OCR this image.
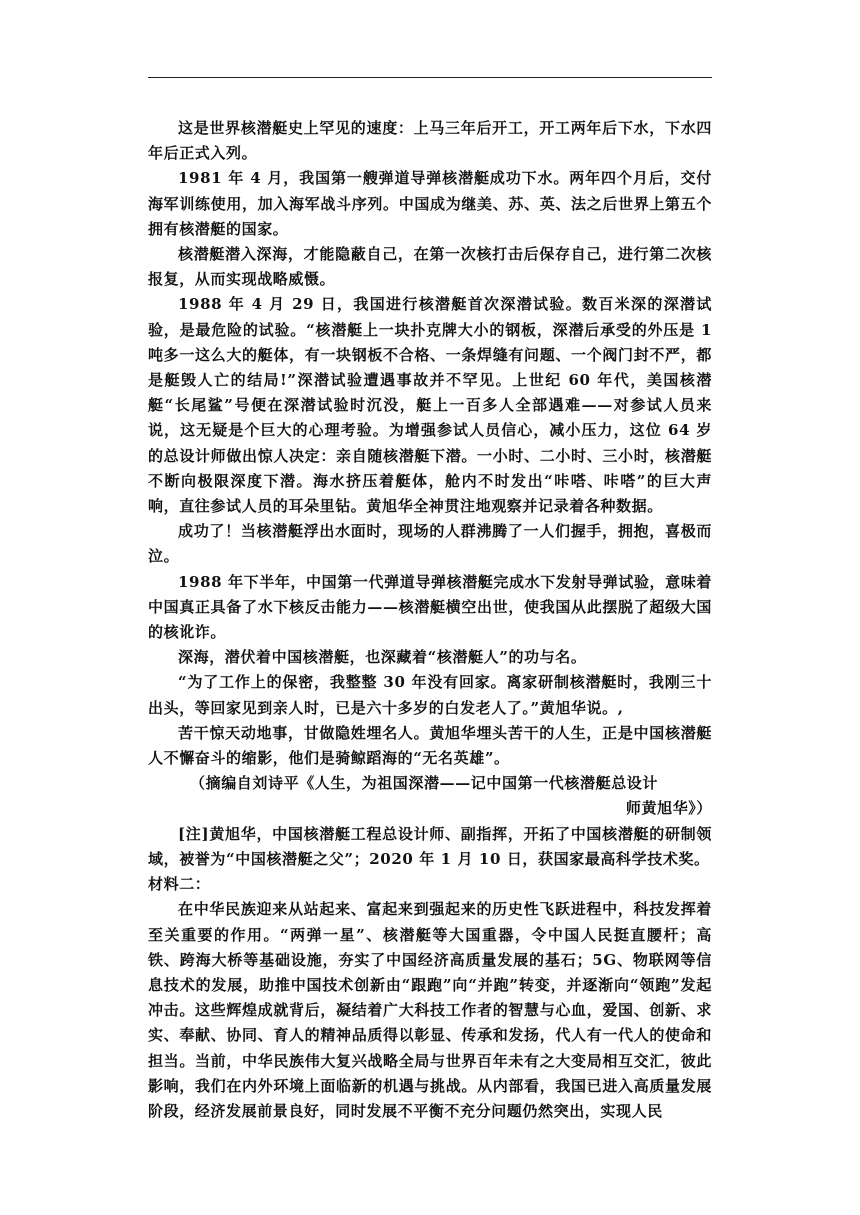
这是世界核潜艇史上罕见的速度：上马三年后开工，开工两年后下水，下水四年后正式入列。

1981 年 4 月，我国第一艘弹道导弹核潜艇成功下水。两年四个月后，交付海军训练使用，加入海军战斗序列。中国成为继美、苏、英、法之后世界上第五个拥有核潜艇的国家。

核潜艇潜入深海，才能隐蔽自己，在第一次核打击后保存自己，进行第二次核报复，从而实现战略威慑。

1988 年 4 月 29 日，我国进行核潜艇首次深潜试验。数百米深的深潜试验，是最危险的试验。“核潜艇上一块扑克牌大小的钢板，深潜后承受的外压是 1 吨多一这么大的艇体，有一块钢板不合格、一条焊缝有问题、一个阀门封不严，都是艇毁人亡的结局!”深潜试验遭遇事故并不罕见。上世纪 60 年代，美国核潜艇“长尾鲨”号便在深潜试验时沉没，艇上一百多人全部遇难——对参试人员来说，这无疑是个巨大的心理考验。为增强参试人员信心，减小压力，这位 64 岁的总设计师做出惊人决定：亲自随核潜艇下潜。一小时、二小时、三小时，核潜艇不断向极限深度下潜。海水挤压着艇体，舱内不时发出“咔嗒、咔嗒”的巨大声响，直往参试人员的耳朵里钻。黄旭华全神贯注地观察并记录着各种数据。

成功了！当核潜艇浮出水面时，现场的人群沸腾了一人们握手，拥抱，喜极而泣。

1988 年下半年，中国第一代弹道导弹核潜艇完成水下发射导弹试验，意味着中国真正具备了水下核反击能力——核潜艇横空出世，使我国从此摆脱了超级大国的核讹诈。

深海，潜伏着中国核潜艇，也深藏着“核潜艇人”的功与名。

“为了工作上的保密，我整整 30 年没有回家。离家研制核潜艇时，我刚三十出头，等回家见到亲人时，已是六十多岁的白发老人了。”黄旭华说。,

苦干惊天动地事，甘做隐姓埋名人。黄旭华埋头苦干的人生，正是中国核潜艇人不懈奋斗的缩影，他们是骑鲸蹈海的“无名英雄”。

（摘编自刘诗平《人生，为祖国深潜——记中国第一代核潜艇总设计
师黄旭华》）

[注]黄旭华，中国核潜艇工程总设计师、副指挥，开拓了中国核潜艇的研制领域，被誉为“中国核潜艇之父”；2020 年 1 月 10 日，获国家最高科学技术奖。

材料二：

在中华民族迎来从站起来、富起来到强起来的历史性飞跃进程中，科技发挥着至关重要的作用。“两弹一星”、核潜艇等大国重器，令中国人民挺直腰杆；高铁、跨海大桥等基础设施，夯实了中国经济高质量发展的基石；5G、物联网等信息技术的发展，助推中国技术创新由“跟跑”向“并跑”转变，并逐渐向“领跑”发起冲击。这些辉煌成就背后，凝结着广大科技工作者的智慧与心血，爱国、创新、求实、奉献、协同、育人的精神品质得以彰显、传承和发扬，代人有一代人的使命和担当。当前，中华民族伟大复兴战略全局与世界百年未有之大变局相互交汇，彼此影响，我们在内外环境上面临新的机遇与挑战。从内部看，我国已进入高质量发展阶段，经济发展前景良好，同时发展不平衡不充分问题仍然突出，实现人民
